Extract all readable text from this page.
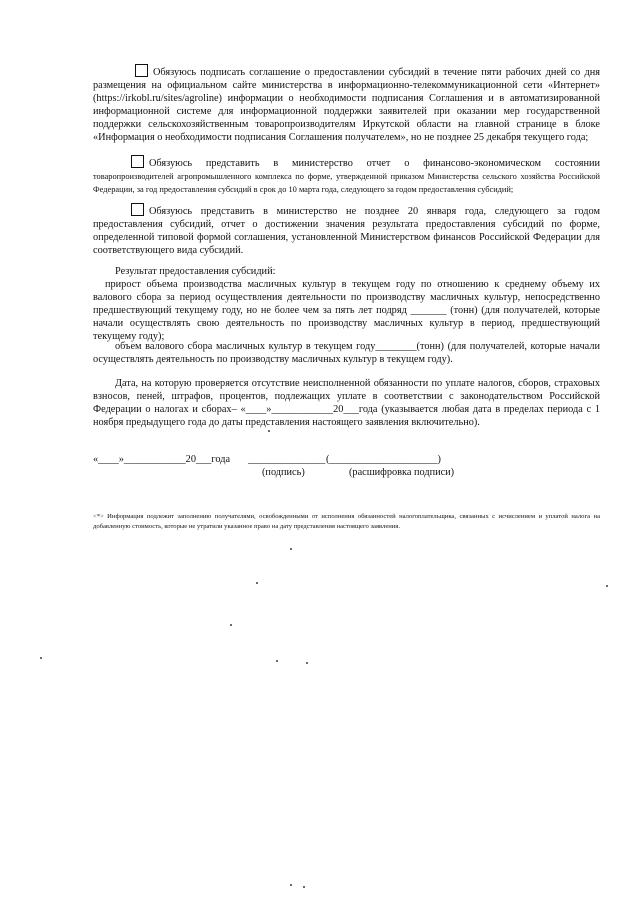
Обязуюсь подписать соглашение о предоставлении субсидий в течение пяти рабочих дней со дня размещения на официальном сайте министерства в информационно-телекоммуникационной сети «Интернет» (https://irkobl.ru/sites/agroline) информации о необходимости подписания Соглашения и в автоматизированной информационной системе для информационной поддержки заявителей при оказании мер государственной поддержки сельскохозяйственным товаропроизводителям Иркутской области на главной странице в блоке «Информация о необходимости подписания Соглашения получателем», но не позднее 25 декабря текущего года;

Обязуюсь представить в министерство отчет о финансово-экономическом состоянии товаропроизводителей агропромышленного комплекса по форме, утвержденной приказом Министерства сельского хозяйства Российской Федерации, за год предоставления субсидий в срок до 10 марта года, следующего за годом предоставления субсидий;

Обязуюсь представить в министерство не позднее 20 января года, следующего за годом предоставления субсидий, отчет о достижении значения результата предоставления субсидий по форме, определенной типовой формой соглашения, установленной Министерством финансов Российской Федерации для соответствующего вида субсидий.

Результат предоставления субсидий:

прирост объема производства масличных культур в текущем году по отношению к среднему объему их валового сбора за период осуществления деятельности по производству масличных культур, непосредственно предшествующий текущему году, но не более чем за пять лет подряд _______ (тонн) (для получателей, которые начали осуществлять свою деятельность по производству масличных культур в период, предшествующий текущему году);

объем валового сбора масличных культур в текущем году________(тонн) (для получателей, которые начали осуществлять деятельность по производству масличных культур в текущем году).

Дата, на которую проверяется отсутствие неисполненной обязанности по уплате налогов, сборов, страховых взносов, пеней, штрафов, процентов, подлежащих уплате в соответствии с законодательством Российской Федерации о налогах и сборах– «____»____________20___года (указывается любая дата в пределах периода с 1 ноября предыдущего года до даты представления настоящего заявления включительно).

«____»____________20___года _______________ (_____________________)
(подпись)	(расшифровка подписи)

<*> Информация подлежит заполнению получателями, освобожденными от исполнения обязанностей налогоплательщика, связанных с исчислением и уплатой налога на добавленную стоимость, которые не утратили указанное право на дату представления настоящего заявления.
